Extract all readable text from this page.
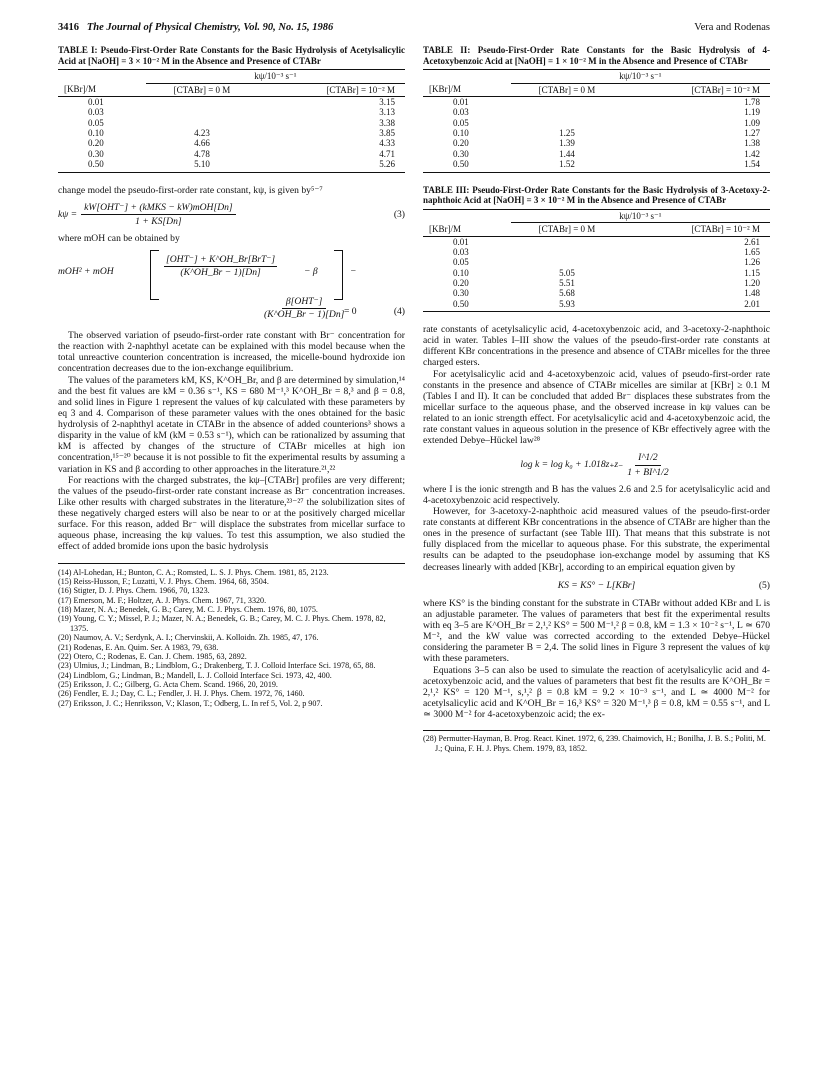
3416 The Journal of Physical Chemistry, Vol. 90, No. 15, 1986	Vera and Rodenas

TABLE I: Pseudo-First-Order Rate Constants for the Basic Hydrolysis of Acetylsalicylic Acid at [NaOH] = 3 × 10⁻² M in the Absence and Presence of CTABr

	kψ/10⁻³ s⁻¹	
[KBr]/M	[CTABr] = 0 M	[CTABr] = 10⁻² M
0.01		3.15
0.03		3.13
0.05		3.38
0.10	4.23	3.85
0.20	4.66	4.33
0.30	4.78	4.71
0.50	5.10	5.26

change model the pseudo-first-order rate constant, kψ, is given by⁵⁻⁷

$k\psi = \frac{\text{kW[OHT⁻] + (kMKS − kW)mOH[Dn]}}{1 + KS[Dn]}$	(3)

where mOH can be obtained by

mOH² + mOH
[OHT⁻] + K^OH_Br[BrT⁻]
(K^OH_Br − 1)[Dn]	− β	−
β[OHT⁻]
(K^OH_Br − 1)[Dn] = 0	(4)

The observed variation of pseudo-first-order rate constant with Br⁻ concentration for the reaction with 2-naphthyl acetate can be explained with this model because when the total unreactive counterion concentration is increased, the micelle-bound hydroxide ion concentration decreases due to the ion-exchange equilibrium.

The values of the parameters kM, KS, K^OH_Br, and β are determined by simulation,¹⁴ and the best fit values are kM = 0.36 s⁻¹, KS = 680 M⁻¹,³ K^OH_Br = 8,³ and β = 0.8, and solid lines in Figure 1 represent the values of kψ calculated with these parameters by eq 3 and 4. Comparison of these parameter values with the ones obtained for the basic hydrolysis of 2-naphthyl acetate in CTABr in the absence of added counterions³ shows a disparity in the value of kM (kM = 0.53 s⁻¹), which can be rationalized by assuming that kM is affected by changes of the structure of CTABr micelles at high ion concentration,¹⁵⁻²⁰ because it is not possible to fit the experimental results by assuming a variation in KS and β according to other approaches in the literature.²¹,²²

For reactions with the charged substrates, the kψ–[CTABr] profiles are very different; the values of the pseudo-first-order rate constant increase as Br⁻ concentration increases. Like other results with charged substrates in the literature,²³⁻²⁷ the solubilization sites of these negatively charged esters will also be near to or at the positively charged micellar surface. For this reason, added Br⁻ will displace the substrates from micellar surface to aqueous phase, increasing the kψ values. To test this assumption, we also studied the effect of added bromide ions upon the basic hydrolysis

(14) Al-Lohedan, H.; Bunton, C. A.; Romsted, L. S. J. Phys. Chem. 1981, 85, 2123.
(15) Reiss-Husson, F.; Luzatti, V. J. Phys. Chem. 1964, 68, 3504.
(16) Stigter, D. J. Phys. Chem. 1966, 70, 1323.
(17) Emerson, M. F.; Holtzer, A. J. Phys. Chem. 1967, 71, 3320.
(18) Mazer, N. A.; Benedek, G. B.; Carey, M. C. J. Phys. Chem. 1976, 80, 1075.
(19) Young, C. Y.; Missel, P. J.; Mazer, N. A.; Benedek, G. B.; Carey, M. C. J. Phys. Chem. 1978, 82, 1375.
(20) Naumov, A. V.; Serdynk, A. I.; Chervinskii, A. Kolloidn. Zh. 1985, 47, 176.
(21) Rodenas, E. An. Quim. Ser. A 1983, 79, 638.
(22) Otero, C.; Rodenas, E. Can. J. Chem. 1985, 63, 2892.
(23) Ulmius, J.; Lindman, B.; Lindblom, G.; Drakenberg, T. J. Colloid Interface Sci. 1978, 65, 88.
(24) Lindblom, G.; Lindman, B.; Mandell, L. J. Colloid Interface Sci. 1973, 42, 400.
(25) Eriksson, J. C.; Gilberg, G. Acta Chem. Scand. 1966, 20, 2019.
(26) Fendler, E. J.; Day, C. L.; Fendler, J. H. J. Phys. Chem. 1972, 76, 1460.
(27) Eriksson, J. C.; Henriksson, V.; Klason, T.; Odberg, L. In ref 5, Vol. 2, p 907.

TABLE II: Pseudo-First-Order Rate Constants for the Basic Hydrolysis of 4-Acetoxybenzoic Acid at [NaOH] = 1 × 10⁻² M in the Absence and Presence of CTABr

	kψ/10⁻³ s⁻¹	
[KBr]/M	[CTABr] = 0 M	[CTABr] = 10⁻² M
0.01		1.78
0.03		1.19
0.05		1.09
0.10	1.25	1.27
0.20	1.39	1.38
0.30	1.44	1.42
0.50	1.52	1.54

TABLE III: Pseudo-First-Order Rate Constants for the Basic Hydrolysis of 3-Acetoxy-2-naphthoic Acid at [NaOH] = 3 × 10⁻² M in the Absence and Presence of CTABr

	kψ/10⁻³ s⁻¹	
[KBr]/M	[CTABr] = 0 M	[CTABr] = 10⁻² M
0.01		2.61
0.03		1.65
0.05		1.26
0.10	5.05	1.15
0.20	5.51	1.20
0.30	5.68	1.48
0.50	5.93	2.01

rate constants of acetylsalicylic acid, 4-acetoxybenzoic acid, and 3-acetoxy-2-naphthoic acid in water. Tables I–III show the values of the pseudo-first-order rate constants at different KBr concentrations in the presence and absence of CTABr micelles for the three charged esters.

For acetylsalicylic acid and 4-acetoxybenzoic acid, values of pseudo-first-order rate constants in the presence and absence of CTABr micelles are similar at [KBr] ≥ 0.1 M (Tables I and II). It can be concluded that added Br⁻ displaces these substrates from the micellar surface to the aqueous phase, and the observed increase in kψ values can be related to an ionic strength effect. For acetylsalicylic acid and 4-acetoxybenzoic acid, the rate constant values in aqueous solution in the presence of KBr effectively agree with the extended Debye–Hückel law²⁸

$\log k = \log k_0 + 1.018z_+z_- \frac{I\^{}1/2}{1 + BI\^{}1/2}$

where I is the ionic strength and B has the values 2.6 and 2.5 for acetylsalicylic acid and 4-acetoxybenzoic acid respectively.

However, for 3-acetoxy-2-naphthoic acid measured values of the pseudo-first-order rate constants at different KBr concentrations in the absence of CTABr are higher than the ones in the presence of surfactant (see Table III). That means that this substrate is not fully displaced from the micellar to aqueous phase. For this substrate, the experimental results can be adapted to the pseudophase ion-exchange model by assuming that KS decreases linearly with added [KBr], according to an empirical equation given by

KS = KS° − L[KBr]	(5)

where KS° is the binding constant for the substrate in CTABr without added KBr and L is an adjustable parameter. The values of parameters that best fit the experimental results with eq 3–5 are K^OH_Br = 2,¹,² KS° = 500 M⁻¹,² β = 0.8, kM = 1.3 × 10⁻² s⁻¹, L ≃ 670 M⁻², and the kW value was corrected according to the extended Debye–Hückel considering the parameter B = 2,4. The solid lines in Figure 3 represent the values of kψ with these parameters.

Equations 3–5 can also be used to simulate the reaction of acetylsalicylic acid and 4-acetoxybenzoic acid, and the values of parameters that best fit the results are K^OH_Br = 2,¹,² KS° = 120 M⁻¹, s,¹,² β = 0.8 kM = 9.2 × 10⁻³ s⁻¹, and L ≃ 4000 M⁻² for acetylsalicylic acid and K^OH_Br = 16,³ KS° = 320 M⁻¹,³ β = 0.8, kM = 0.55 s⁻¹, and L ≃ 3000 M⁻² for 4-acetoxybenzoic acid; the ex-

(28) Permutter-Hayman, B. Prog. React. Kinet. 1972, 6, 239. Chaimovich, H.; Bonilha, J. B. S.; Politi, M. J.; Quina, F. H. J. Phys. Chem. 1979, 83, 1852.
